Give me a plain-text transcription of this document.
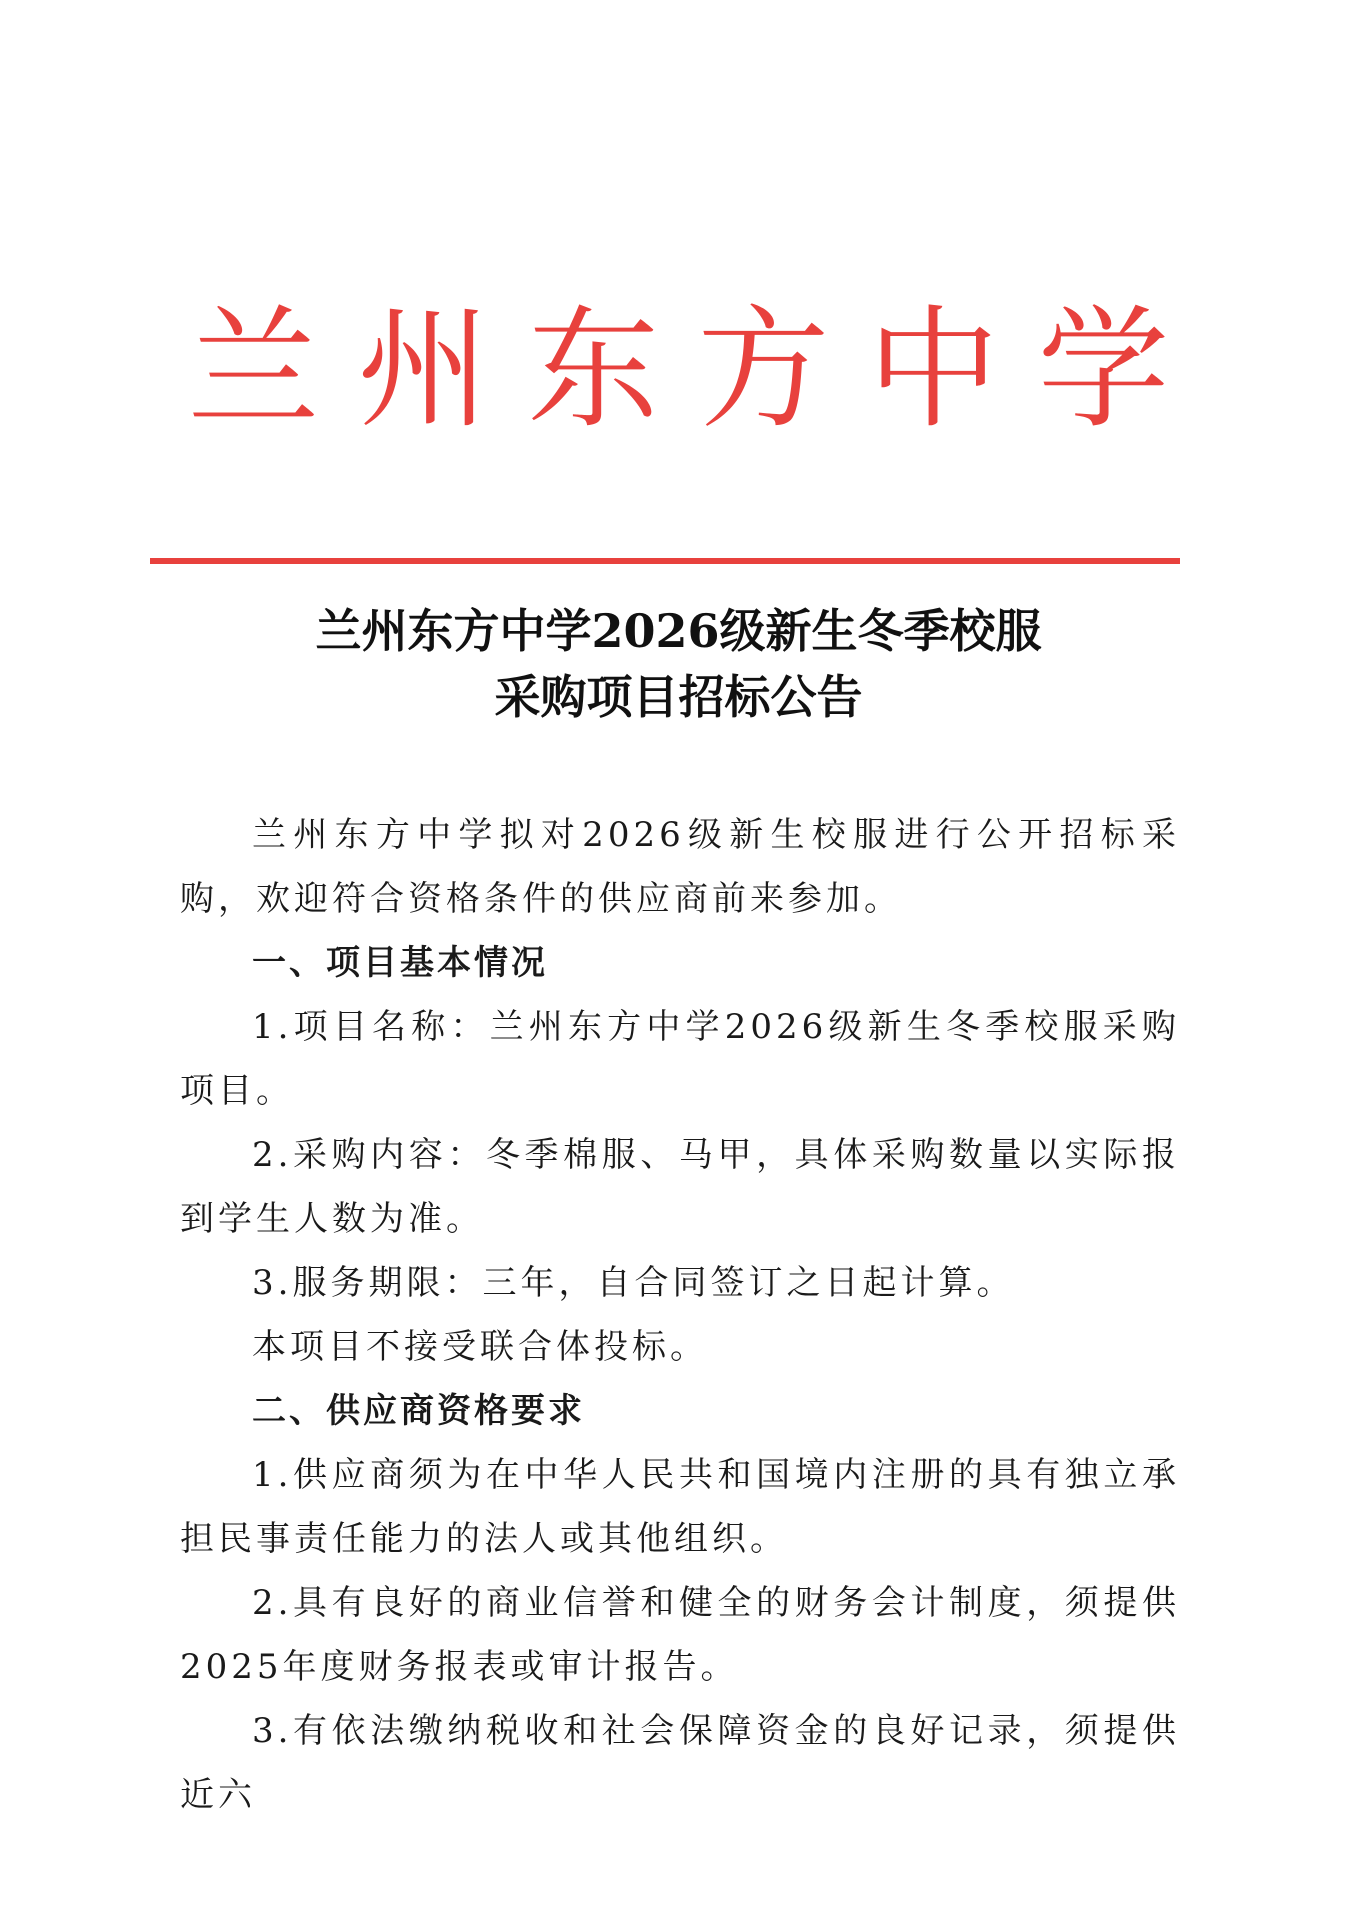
兰州东方中学
兰州东方中学2026级新生冬季校服
采购项目招标公告

兰州东方中学拟对2026级新生校服进行公开招标采购，欢迎符合资格条件的供应商前来参加。

一、项目基本情况

1.项目名称：兰州东方中学2026级新生冬季校服采购项目。

2.采购内容：冬季棉服、马甲，具体采购数量以实际报到学生人数为准。

3.服务期限：三年，自合同签订之日起计算。

本项目不接受联合体投标。

二、供应商资格要求

1.供应商须为在中华人民共和国境内注册的具有独立承担民事责任能力的法人或其他组织。

2.具有良好的商业信誉和健全的财务会计制度，须提供2025年度财务报表或审计报告。

3.有依法缴纳税收和社会保障资金的良好记录，须提供近六
